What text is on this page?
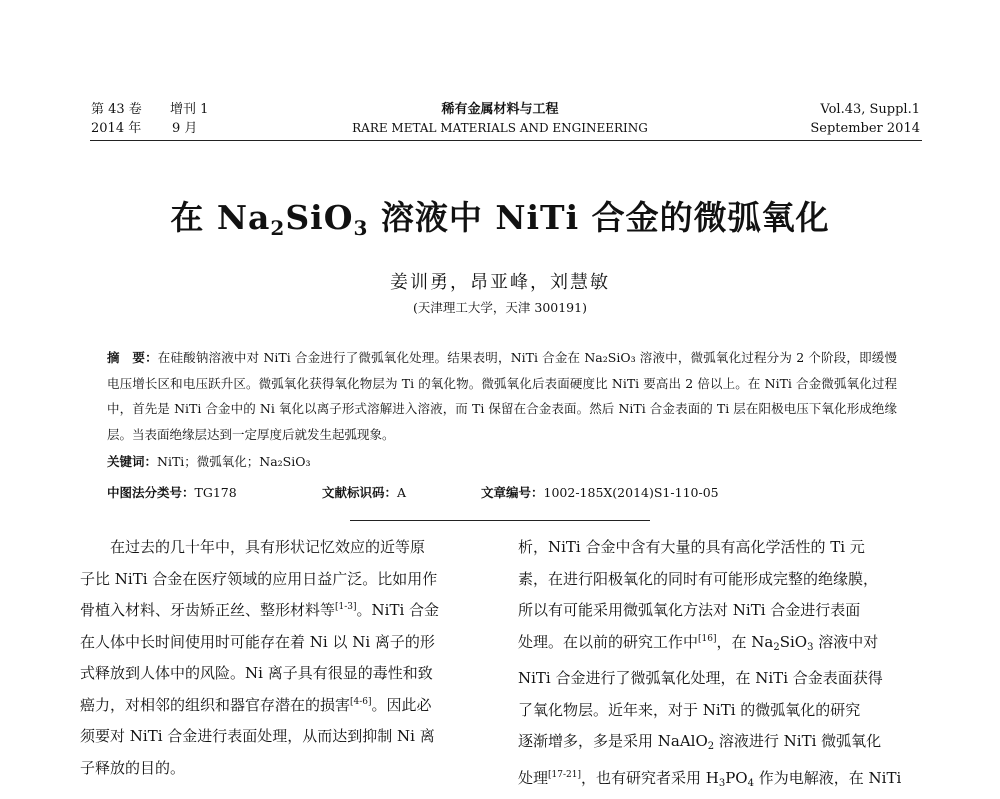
第 43 卷 增刊 1
2014 年 9 月
稀有金属材料与工程
RARE METAL MATERIALS AND ENGINEERING
Vol.43, Suppl.1
September 2014
在 $Na_2SiO_3$ 溶液中 NiTi 合金的微弧氧化
姜训勇，昂亚峰，刘慧敏
(天津理工大学，天津 300191)
摘　要：在硅酸钠溶液中对 NiTi 合金进行了微弧氧化处理。结果表明，NiTi 合金在 Na₂SiO₃ 溶液中，微弧氧化过程分为 2 个阶段，即缓慢电压增长区和电压跃升区。微弧氧化获得氧化物层为 Ti 的氧化物。微弧氧化后表面硬度比 NiTi 要高出 2 倍以上。在 NiTi 合金微弧氧化过程中，首先是 NiTi 合金中的 Ni 氧化以离子形式溶解进入溶液，而 Ti 保留在合金表面。然后 NiTi 合金表面的 Ti 层在阳极电压下氧化形成绝缘层。当表面绝缘层达到一定厚度后就发生起弧现象。
关键词：NiTi；微弧氧化；Na₂SiO₃
中图法分类号：TG178	文献标识码：A	文章编号：1002-185X(2014)S1-110-05
　　在过去的几十年中，具有形状记忆效应的近等原
子比 NiTi 合金在医疗领域的应用日益广泛。比如用作
骨植入材料、牙齿矫正丝、整形材料等[1-3]。NiTi 合金
在人体中长时间使用时可能存在着 Ni 以 Ni 离子的形
式释放到人体中的风险。Ni 离子具有很显的毒性和致
癌力，对相邻的组织和器官存潜在的损害[4-6]。因此必
须要对 NiTi 合金进行表面处理，从而达到抑制 Ni 离
子释放的目的。
析，NiTi 合金中含有大量的具有高化学活性的 Ti 元
素，在进行阳极氧化的同时有可能形成完整的绝缘膜，
所以有可能采用微弧氧化方法对 NiTi 合金进行表面
处理。在以前的研究工作中[16]，在 $Na_2SiO_3$ 溶液中对
NiTi 合金进行了微弧氧化处理，在 NiTi 合金表面获得
了氧化物层。近年来，对于 NiTi 的微弧氧化的研究
逐渐增多，多是采用 NaAlO$_2$ 溶液进行 NiTi 微弧氧化
处理[17-21]，也有研究者采用 $H_3PO_4$ 作为电解液，在 NiTi
